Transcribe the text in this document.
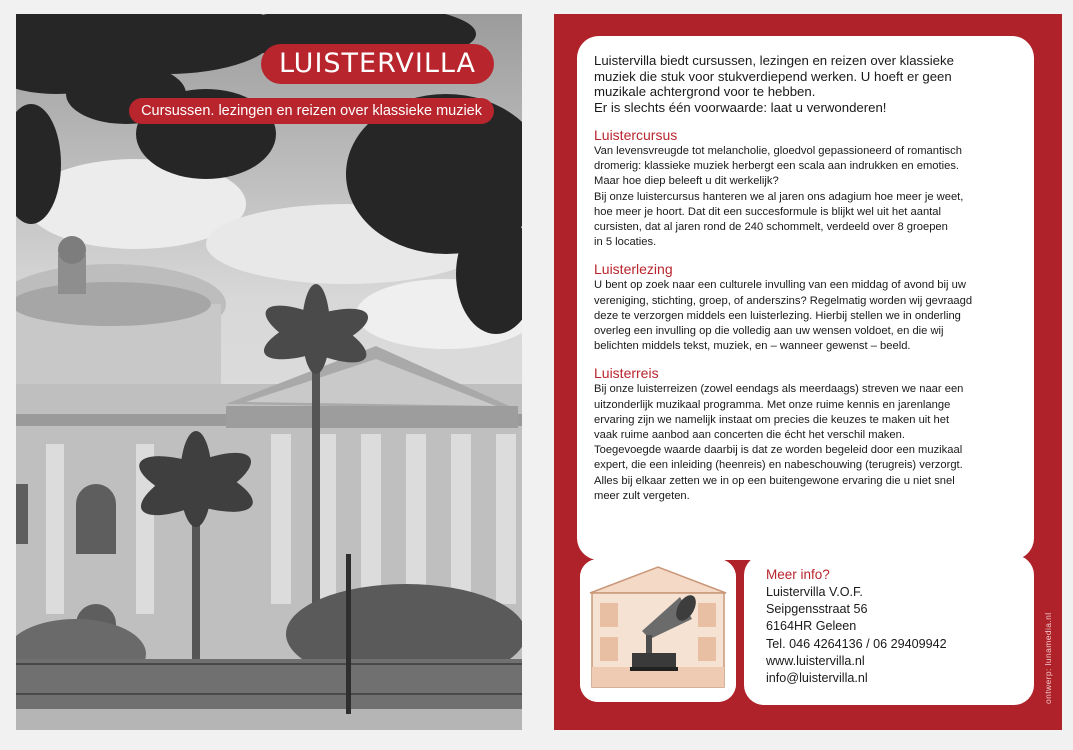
LUISTERVILLA
Cursussen. lezingen en reizen over klassieke muziek
Luistervilla biedt cursussen, lezingen en reizen over klassieke
muziek die stuk voor stukverdiepend werken. U hoeft er geen
muzikale achtergrond voor te hebben.
Er is slechts één voorwaarde: laat u verwonderen!
Luistercursus
Van levensvreugde tot melancholie, gloedvol gepassioneerd of romantisch
dromerig: klassieke muziek herbergt een scala aan indrukken en emoties.
Maar hoe diep beleeft u dit werkelijk?
Bij onze luistercursus hanteren we al jaren ons adagium hoe meer je weet,
hoe meer je hoort. Dat dit een succesformule is blijkt wel uit het aantal
cursisten, dat al jaren rond de 240 schommelt, verdeeld over 8 groepen
in 5 locaties.
Luisterlezing
U bent op zoek naar een culturele invulling van een middag of avond bij uw
vereniging, stichting, groep, of anderszins? Regelmatig worden wij gevraagd
deze te verzorgen middels een luisterlezing. Hierbij stellen we in onderling
overleg een invulling op die volledig aan uw wensen voldoet, en die wij
belichten middels tekst, muziek, en – wanneer gewenst – beeld.
Luisterreis
Bij onze luisterreizen (zowel eendags als meerdaags) streven we naar een
uitzonderlijk muzikaal programma. Met onze ruime kennis en jarenlange
ervaring zijn we namelijk instaat om precies die keuzes te maken uit het
vaak ruime aanbod aan concerten die écht het verschil maken.
Toegevoegde waarde daarbij is dat ze worden begeleid door een muzikaal
expert, die een inleiding (heenreis) en nabeschouwing (terugreis) verzorgt.
Alles bij elkaar zetten we in op een buitengewone ervaring die u niet snel
meer zult vergeten.
Meer info?
Luistervilla V.O.F.
Seipgensstraat 56
6164HR Geleen
Tel. 046 4264136 / 06 29409942
www.luistervilla.nl
info@luistervilla.nl	ontwerp: lunamedia.nl
